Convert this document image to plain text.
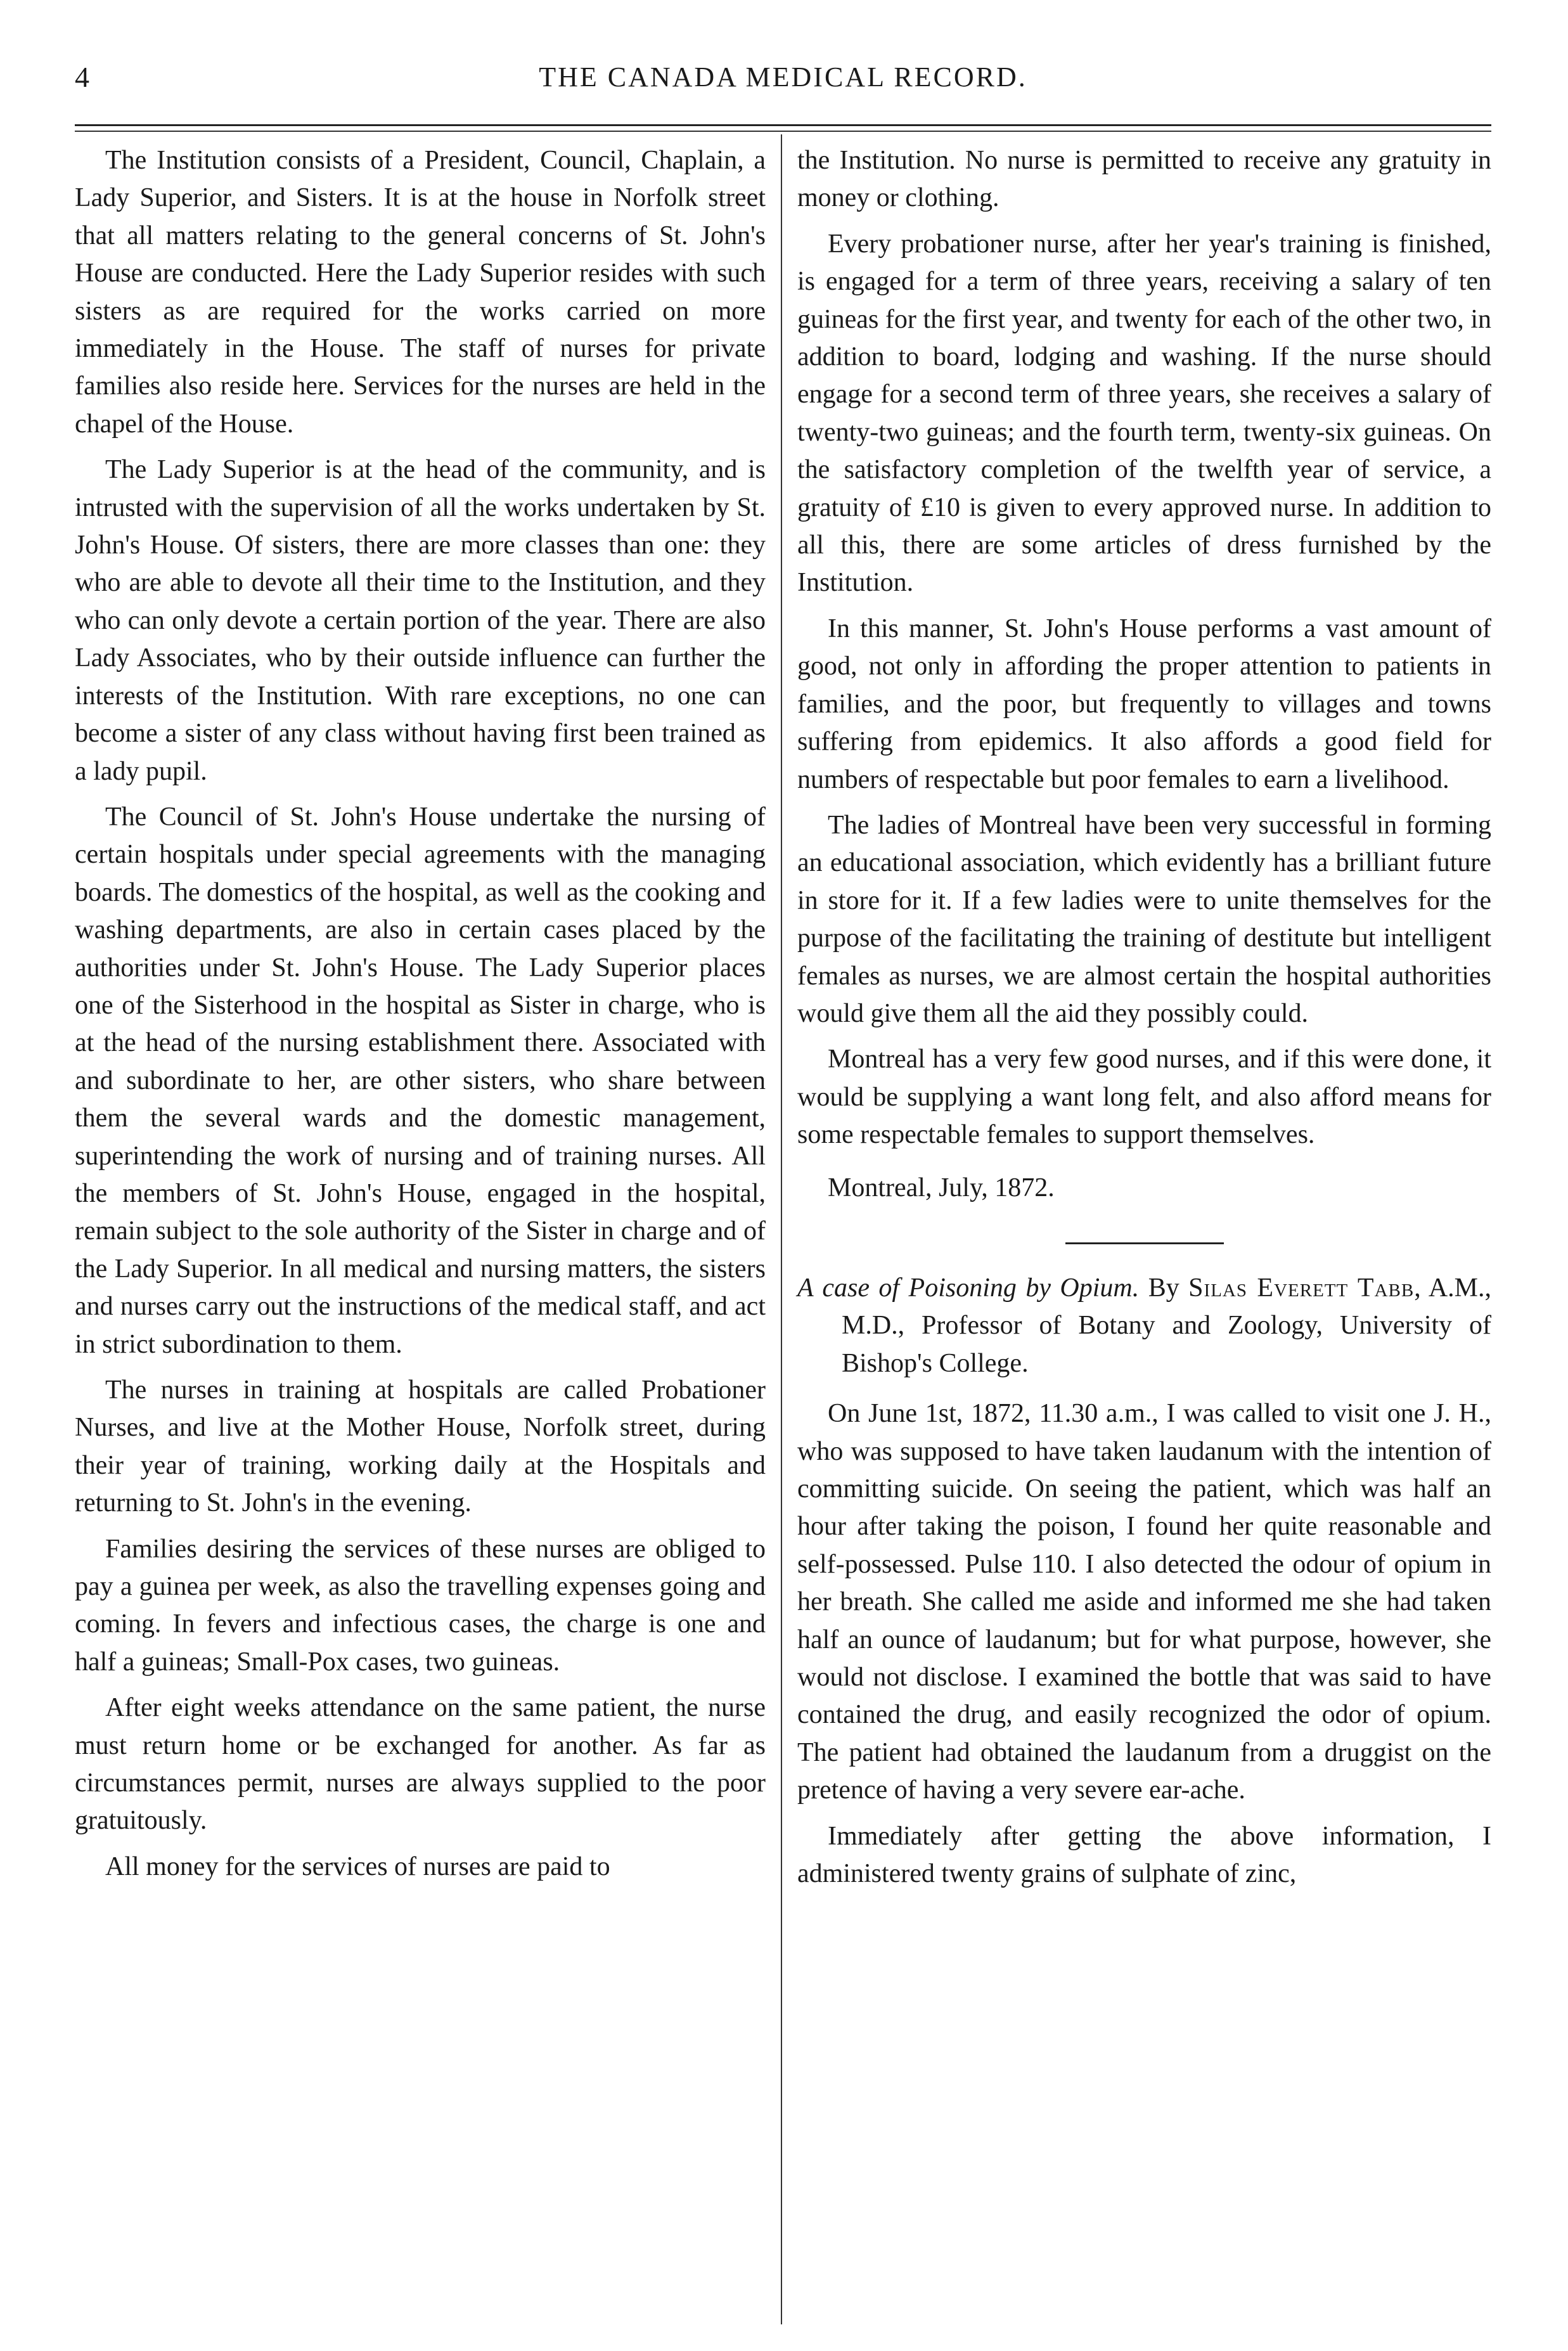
4	THE CANADA MEDICAL RECORD.

The Institution consists of a President, Council, Chaplain, a Lady Superior, and Sisters. It is at the house in Norfolk street that all matters relating to the general concerns of St. John's House are conducted. Here the Lady Superior resides with such sisters as are required for the works carried on more immediately in the House. The staff of nurses for private families also reside here. Services for the nurses are held in the chapel of the House.

The Lady Superior is at the head of the community, and is intrusted with the supervision of all the works undertaken by St. John's House. Of sisters, there are more classes than one: they who are able to devote all their time to the Institution, and they who can only devote a certain portion of the year. There are also Lady Associates, who by their outside influence can further the interests of the Institution. With rare exceptions, no one can become a sister of any class without having first been trained as a lady pupil.

The Council of St. John's House undertake the nursing of certain hospitals under special agreements with the managing boards. The domestics of the hospital, as well as the cooking and washing departments, are also in certain cases placed by the authorities under St. John's House. The Lady Superior places one of the Sisterhood in the hospital as Sister in charge, who is at the head of the nursing establishment there. Associated with and subordinate to her, are other sisters, who share between them the several wards and the domestic management, superintending the work of nursing and of training nurses. All the members of St. John's House, engaged in the hospital, remain subject to the sole authority of the Sister in charge and of the Lady Superior. In all medical and nursing matters, the sisters and nurses carry out the instructions of the medical staff, and act in strict subordination to them.

The nurses in training at hospitals are called Probationer Nurses, and live at the Mother House, Norfolk street, during their year of training, working daily at the Hospitals and returning to St. John's in the evening.

Families desiring the services of these nurses are obliged to pay a guinea per week, as also the travelling expenses going and coming. In fevers and infectious cases, the charge is one and half a guineas; Small-Pox cases, two guineas.

After eight weeks attendance on the same patient, the nurse must return home or be exchanged for another. As far as circumstances permit, nurses are always supplied to the poor gratuitously.

All money for the services of nurses are paid to

the Institution. No nurse is permitted to receive any gratuity in money or clothing.

Every probationer nurse, after her year's training is finished, is engaged for a term of three years, receiving a salary of ten guineas for the first year, and twenty for each of the other two, in addition to board, lodging and washing. If the nurse should engage for a second term of three years, she receives a salary of twenty-two guineas; and the fourth term, twenty-six guineas. On the satisfactory completion of the twelfth year of service, a gratuity of £10 is given to every approved nurse. In addition to all this, there are some articles of dress furnished by the Institution.

In this manner, St. John's House performs a vast amount of good, not only in affording the proper attention to patients in families, and the poor, but frequently to villages and towns suffering from epidemics. It also affords a good field for numbers of respectable but poor females to earn a livelihood.

The ladies of Montreal have been very successful in forming an educational association, which evidently has a brilliant future in store for it. If a few ladies were to unite themselves for the purpose of the facilitating the training of destitute but intelligent females as nurses, we are almost certain the hospital authorities would give them all the aid they possibly could.

Montreal has a very few good nurses, and if this were done, it would be supplying a want long felt, and also afford means for some respectable females to support themselves.

Montreal, July, 1872.

A case of Poisoning by Opium. By Silas Everett Tabb, A.M., M.D., Professor of Botany and Zoology, University of Bishop's College.

On June 1st, 1872, 11.30 a.m., I was called to visit one J. H., who was supposed to have taken laudanum with the intention of committing suicide. On seeing the patient, which was half an hour after taking the poison, I found her quite reasonable and self-possessed. Pulse 110. I also detected the odour of opium in her breath. She called me aside and informed me she had taken half an ounce of laudanum; but for what purpose, however, she would not disclose. I examined the bottle that was said to have contained the drug, and easily recognized the odor of opium. The patient had obtained the laudanum from a druggist on the pretence of having a very severe ear-ache.

Immediately after getting the above information, I administered twenty grains of sulphate of zinc,
